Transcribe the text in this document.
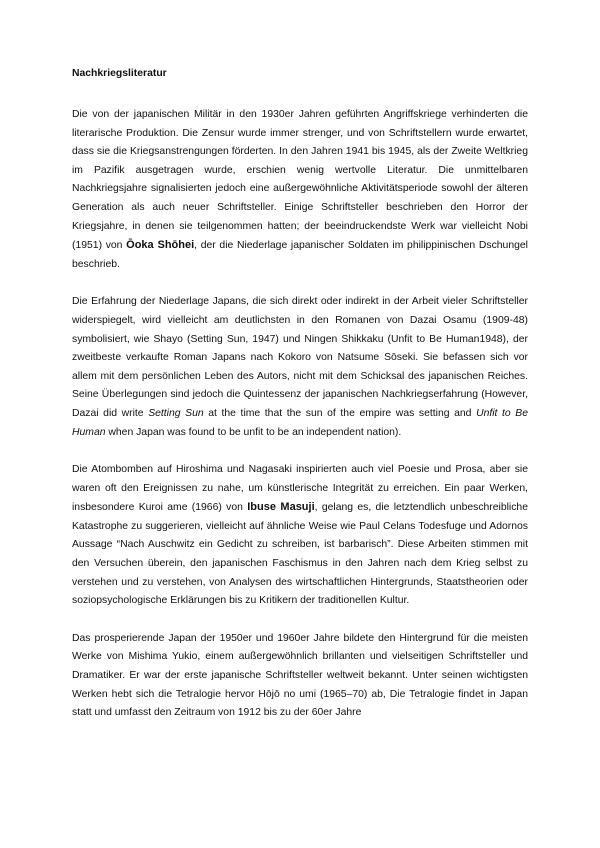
Nachkriegsliteratur

Die von der japanischen Militär in den 1930er Jahren geführten Angriffskriege verhinderten die literarische Produktion. Die Zensur wurde immer strenger, und von Schriftstellern wurde erwartet, dass sie die Kriegsanstrengungen förderten. In den Jahren 1941 bis 1945, als der Zweite Weltkrieg im Pazifik ausgetragen wurde, erschien wenig wertvolle Literatur. Die unmittelbaren Nachkriegsjahre signalisierten jedoch eine außergewöhnliche Aktivitätsperiode sowohl der älteren Generation als auch neuer Schriftsteller. Einige Schriftsteller beschrieben den Horror der Kriegsjahre, in denen sie teilgenommen hatten; der beeindruckendste Werk war vielleicht Nobi (1951) von Ōoka Shōhei, der die Niederlage japanischer Soldaten im philippinischen Dschungel beschrieb.

Die Erfahrung der Niederlage Japans, die sich direkt oder indirekt in der Arbeit vieler Schriftsteller widerspiegelt, wird vielleicht am deutlichsten in den Romanen von Dazai Osamu (1909-48) symbolisiert, wie Shayo (Setting Sun, 1947) und Ningen Shikkaku (Unfit to Be Human1948), der zweitbeste verkaufte Roman Japans nach Kokoro von Natsume Sōseki. Sie befassen sich vor allem mit dem persönlichen Leben des Autors, nicht mit dem Schicksal des japanischen Reiches. Seine Überlegungen sind jedoch die Quintessenz der japanischen Nachkriegserfahrung (However, Dazai did write Setting Sun at the time that the sun of the empire was setting and Unfit to Be Human when Japan was found to be unfit to be an independent nation).

Die Atombomben auf Hiroshima und Nagasaki inspirierten auch viel Poesie und Prosa, aber sie waren oft den Ereignissen zu nahe, um künstlerische Integrität zu erreichen. Ein paar Werken, insbesondere Kuroi ame (1966) von Ibuse Masuji, gelang es, die letztendlich unbeschreibliche Katastrophe zu suggerieren, vielleicht auf ähnliche Weise wie Paul Celans Todesfuge und Adornos Aussage “Nach Auschwitz ein Gedicht zu schreiben, ist barbarisch”. Diese Arbeiten stimmen mit den Versuchen überein, den japanischen Faschismus in den Jahren nach dem Krieg selbst zu verstehen und zu verstehen, von Analysen des wirtschaftlichen Hintergrunds, Staatstheorien oder soziopsychologische Erklärungen bis zu Kritikern der traditionellen Kultur.

Das prosperierende Japan der 1950er und 1960er Jahre bildete den Hintergrund für die meisten Werke von Mishima Yukio, einem außergewöhnlich brillanten und vielseitigen Schriftsteller und Dramatiker. Er war der erste japanische Schriftsteller weltweit bekannt. Unter seinen wichtigsten Werken hebt sich die Tetralogie hervor Hōjō no umi (1965–70) ab, Die Tetralogie findet in Japan statt und umfasst den Zeitraum von 1912 bis zu der 60er Jahre
